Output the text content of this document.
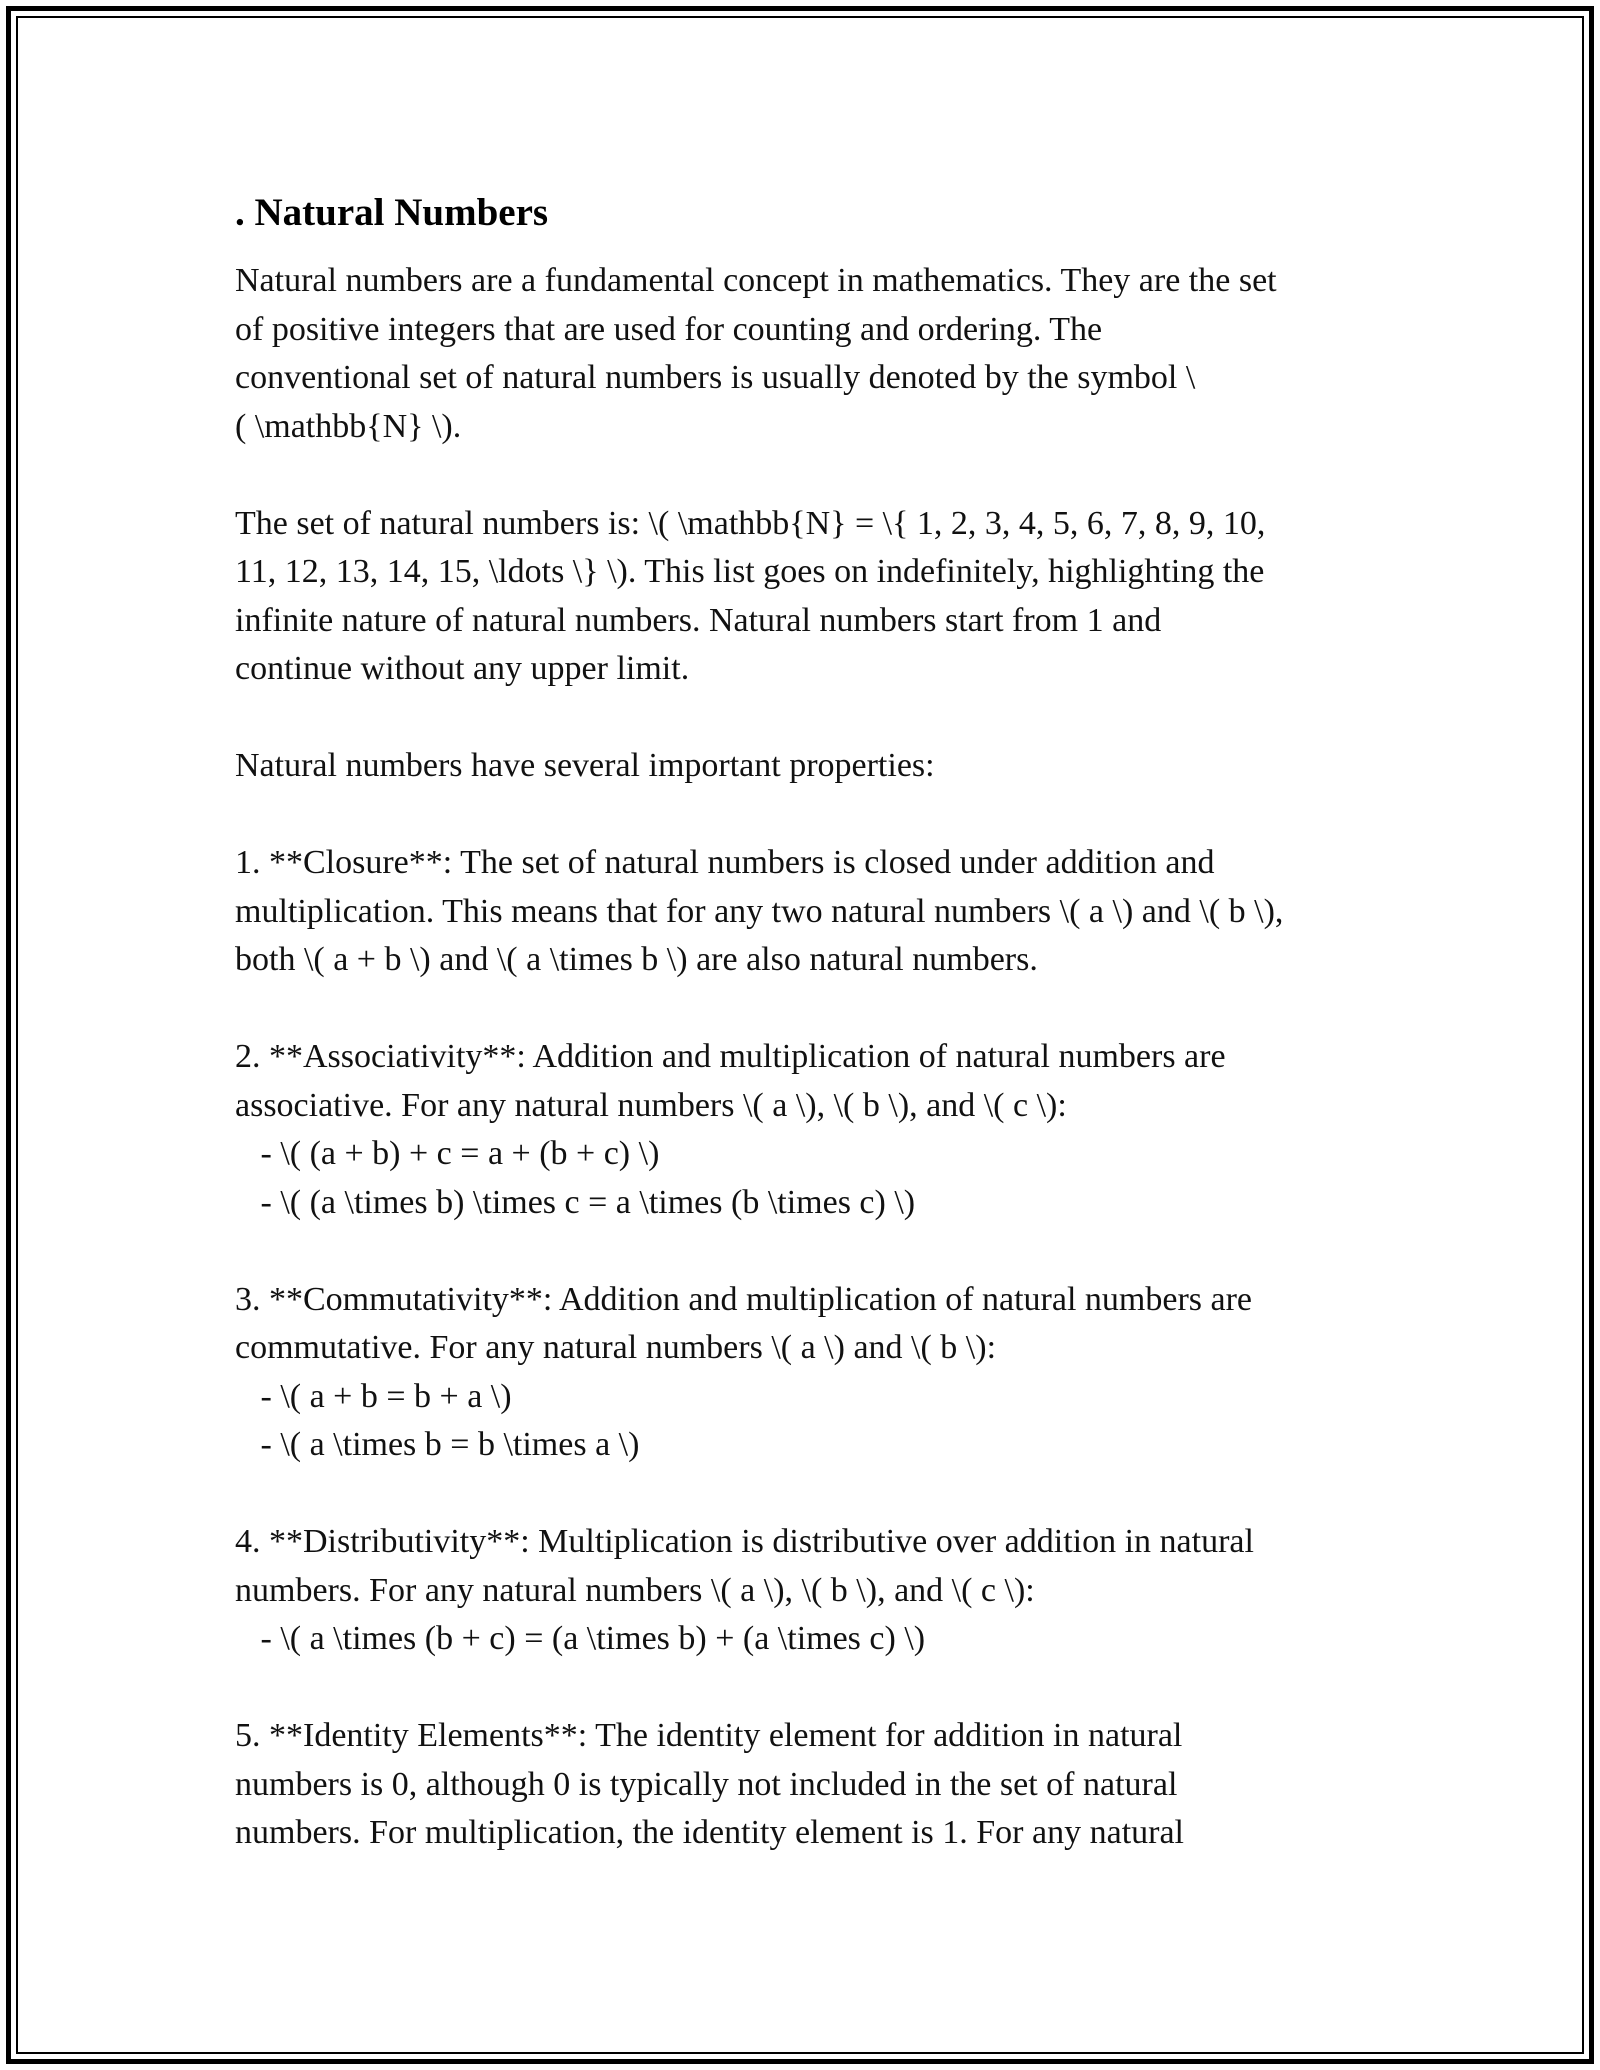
. Natural Numbers

Natural numbers are a fundamental concept in mathematics. They are the set
of positive integers that are used for counting and ordering. The
conventional set of natural numbers is usually denoted by the symbol \
( \mathbb{N} \).

The set of natural numbers is: \( \mathbb{N} = \{ 1, 2, 3, 4, 5, 6, 7, 8, 9, 10,
11, 12, 13, 14, 15, \ldots \} \). This list goes on indefinitely, highlighting the
infinite nature of natural numbers. Natural numbers start from 1 and
continue without any upper limit.

Natural numbers have several important properties:

1. **Closure**: The set of natural numbers is closed under addition and
multiplication. This means that for any two natural numbers \( a \) and \( b \),
both \( a + b \) and \( a \times b \) are also natural numbers.

2. **Associativity**: Addition and multiplication of natural numbers are
associative. For any natural numbers \( a \), \( b \), and \( c \):
- \( (a + b) + c = a + (b + c) \)
- \( (a \times b) \times c = a \times (b \times c) \)

3. **Commutativity**: Addition and multiplication of natural numbers are
commutative. For any natural numbers \( a \) and \( b \):
- \( a + b = b + a \)
- \( a \times b = b \times a \)

4. **Distributivity**: Multiplication is distributive over addition in natural
numbers. For any natural numbers \( a \), \( b \), and \( c \):
- \( a \times (b + c) = (a \times b) + (a \times c) \)

5. **Identity Elements**: The identity element for addition in natural
numbers is 0, although 0 is typically not included in the set of natural
numbers. For multiplication, the identity element is 1. For any natural
